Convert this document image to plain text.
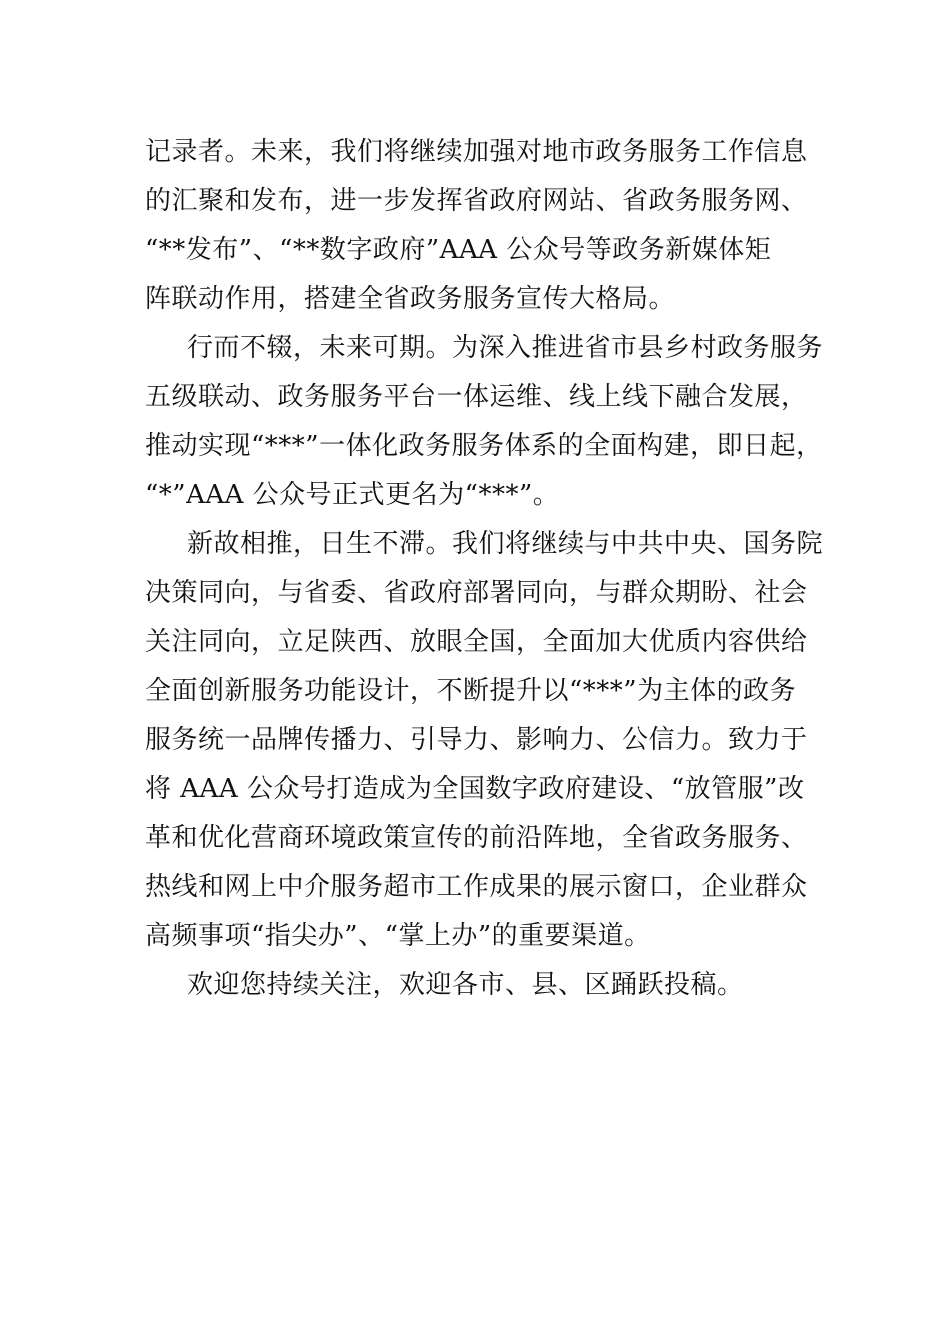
记录者。未来，我们将继续加强对地市政务服务工作信息
的汇聚和发布，进一步发挥省政府网站、省政务服务网、
“**发布”、“**数字政府”AAA 公众号等政务新媒体矩
阵联动作用，搭建全省政务服务宣传大格局。

行而不辍，未来可期。为深入推进省市县乡村政务服务
五级联动、政务服务平台一体运维、线上线下融合发展，
推动实现“***”一体化政务服务体系的全面构建，即日起，
“*”AAA 公众号正式更名为“***”。

新故相推，日生不滞。我们将继续与中共中央、国务院
决策同向，与省委、省政府部署同向，与群众期盼、社会
关注同向，立足陕西、放眼全国，全面加大优质内容供给
全面创新服务功能设计，不断提升以“***”为主体的政务
服务统一品牌传播力、引导力、影响力、公信力。致力于
将 AAA 公众号打造成为全国数字政府建设、“放管服”改
革和优化营商环境政策宣传的前沿阵地，全省政务服务、
热线和网上中介服务超市工作成果的展示窗口，企业群众
高频事项“指尖办”、“掌上办”的重要渠道。

欢迎您持续关注，欢迎各市、县、区踊跃投稿。
